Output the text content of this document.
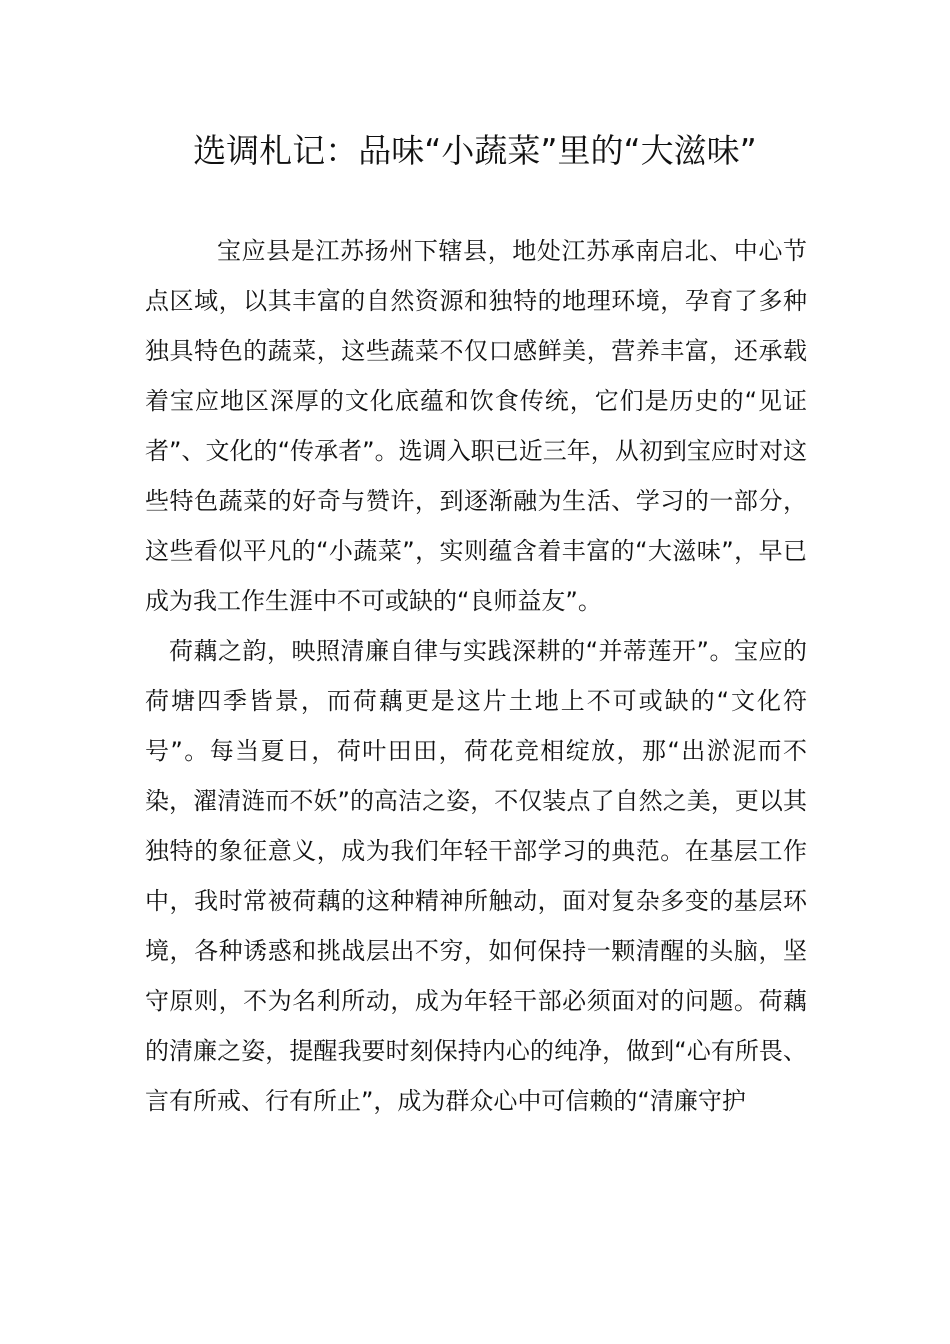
选调札记：品味“小蔬菜”里的“大滋味”

宝应县是江苏扬州下辖县，地处江苏承南启北、中心节点区域，以其丰富的自然资源和独特的地理环境，孕育了多种独具特色的蔬菜，这些蔬菜不仅口感鲜美，营养丰富，还承载着宝应地区深厚的文化底蕴和饮食传统，它们是历史的“见证者”、文化的“传承者”。选调入职已近三年，从初到宝应时对这些特色蔬菜的好奇与赞许，到逐渐融为生活、学习的一部分，这些看似平凡的“小蔬菜”，实则蕴含着丰富的“大滋味”，早已成为我工作生涯中不可或缺的“良师益友”。

荷藕之韵，映照清廉自律与实践深耕的“并蒂莲开”。宝应的荷塘四季皆景，而荷藕更是这片土地上不可或缺的“文化符号”。每当夏日，荷叶田田，荷花竞相绽放，那“出淤泥而不染，濯清涟而不妖”的高洁之姿，不仅装点了自然之美，更以其独特的象征意义，成为我们年轻干部学习的典范。在基层工作中，我时常被荷藕的这种精神所触动，面对复杂多变的基层环境，各种诱惑和挑战层出不穷，如何保持一颗清醒的头脑，坚守原则，不为名利所动，成为年轻干部必须面对的问题。荷藕的清廉之姿，提醒我要时刻保持内心的纯净，做到“心有所畏、言有所戒、行有所止”，成为群众心中可信赖的“清廉守护
